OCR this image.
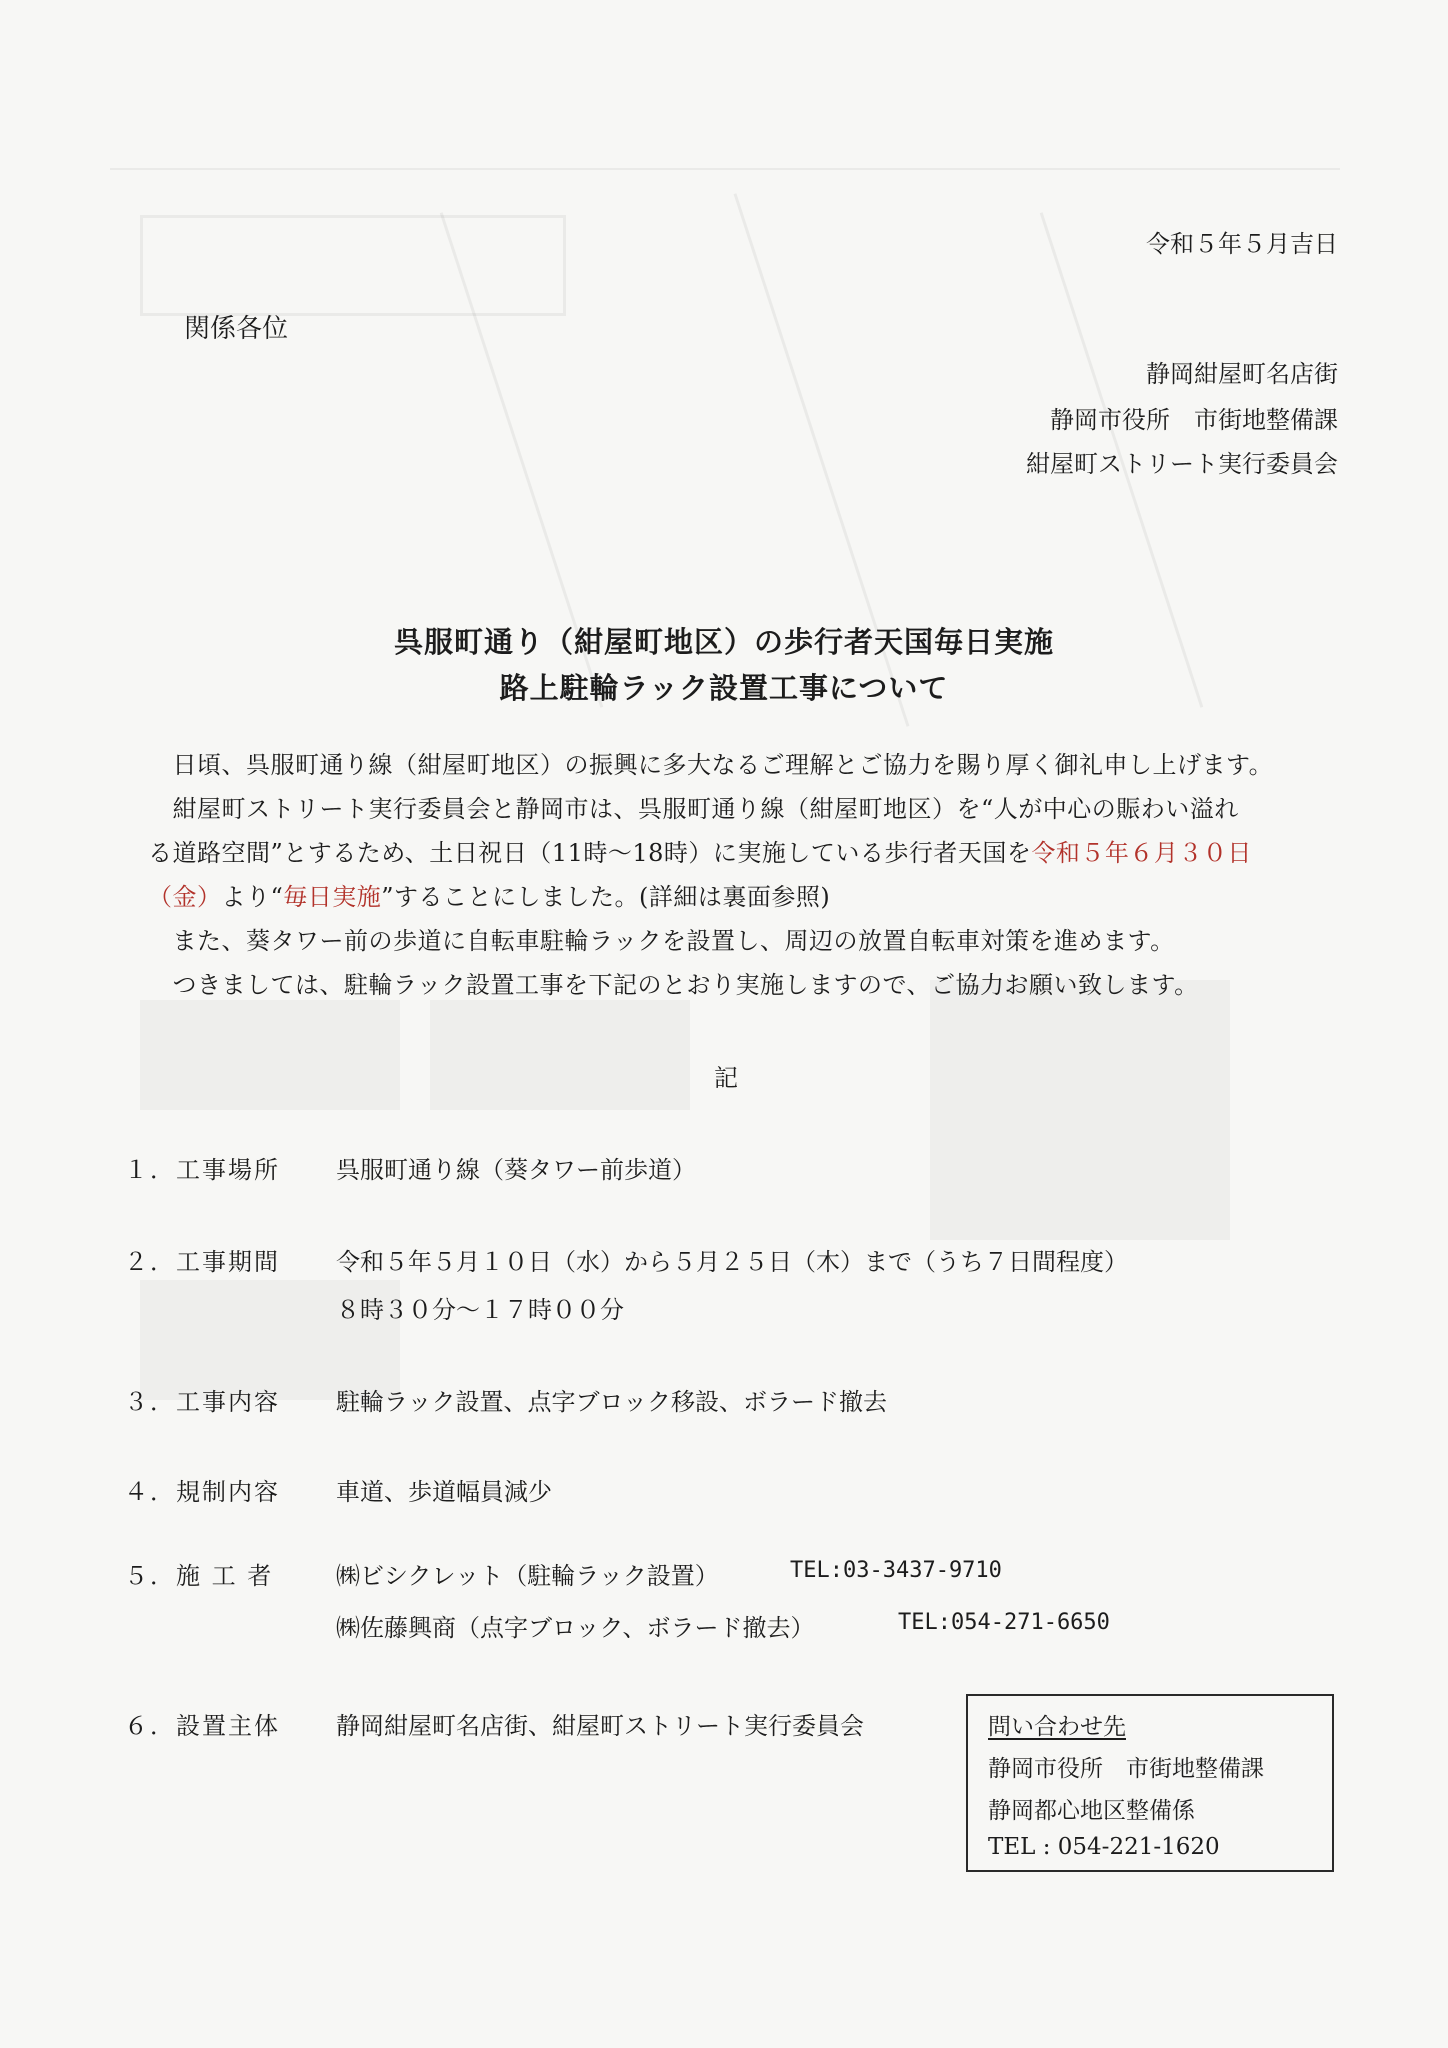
令和５年５月吉日
関係各位
静岡紺屋町名店街
静岡市役所　市街地整備課
紺屋町ストリート実行委員会
呉服町通り（紺屋町地区）の歩行者天国毎日実施
路上駐輪ラック設置工事について

　日頃、呉服町通り線（紺屋町地区）の振興に多大なるご理解とご協力を賜り厚く御礼申し上げます。

　紺屋町ストリート実行委員会と静岡市は、呉服町通り線（紺屋町地区）を“人が中心の賑わい溢れ

る道路空間”とするため、土日祝日（11時～18時）に実施している歩行者天国を令和５年６月３０日

（金）より“毎日実施”することにしました。(詳細は裏面参照)

　また、葵タワー前の歩道に自転車駐輪ラックを設置し、周辺の放置自転車対策を進めます。

　つきましては、駐輪ラック設置工事を下記のとおり実施しますので、ご協力お願い致します。

記
１． 工事場所 呉服町通り線（葵タワー前歩道）
２． 工事期間 令和５年５月１０日（水）から５月２５日（木）まで（うち７日間程度）
８時３０分～１７時００分
３． 工事内容 駐輪ラック設置、点字ブロック移設、ボラード撤去
４． 規制内容 車道、歩道幅員減少
５． 施 工 者	㈱ビシクレット（駐輪ラック設置）	TEL:03-3437-9710
㈱佐藤興商（点字ブロック、ボラード撤去）	TEL:054-271-6650
６． 設置主体 静岡紺屋町名店街、紺屋町ストリート実行委員会	問い合わせ先
静岡市役所　市街地整備課
静岡都心地区整備係
TEL : 054-221-1620
